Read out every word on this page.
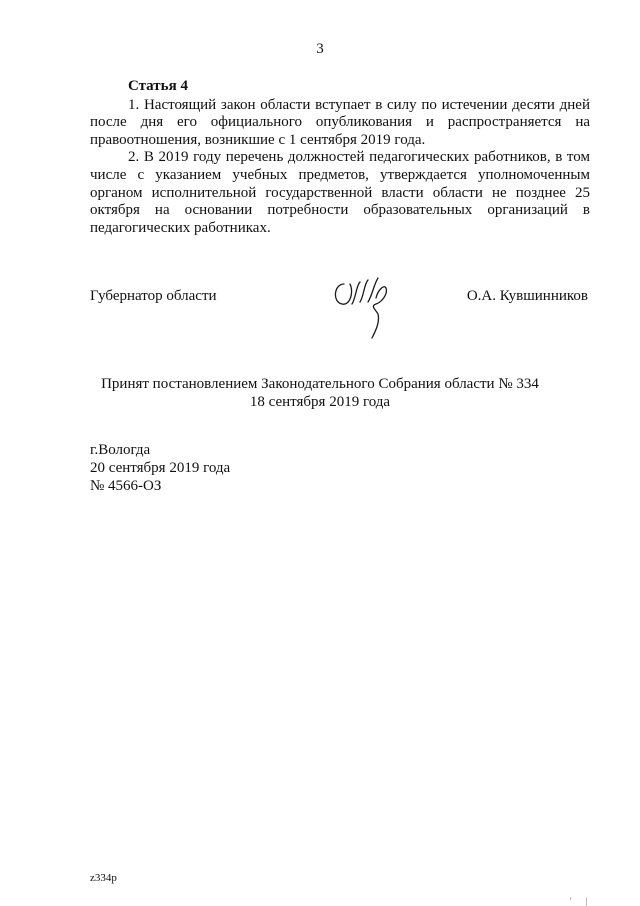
3

Статья 4

1. Настоящий закон области вступает в силу по истечении десяти дней после дня его официального опубликования и распространяется на правоотношения, возникшие с 1 сентября 2019 года.

2. В 2019 году перечень должностей педагогических работников, в том числе с указанием учебных предметов, утверждается уполномоченным органом исполнительной государственной власти области не позднее 25 октября на основании потребности образовательных организаций в педагогических работниках.

Губернатор области	О.А. Кувшинников
Принят постановлением Законодательного Собрания области № 334
18 сентября 2019 года
г.Вологда
20 сентября 2019 года
№ 4566-ОЗ
z334p
' |
